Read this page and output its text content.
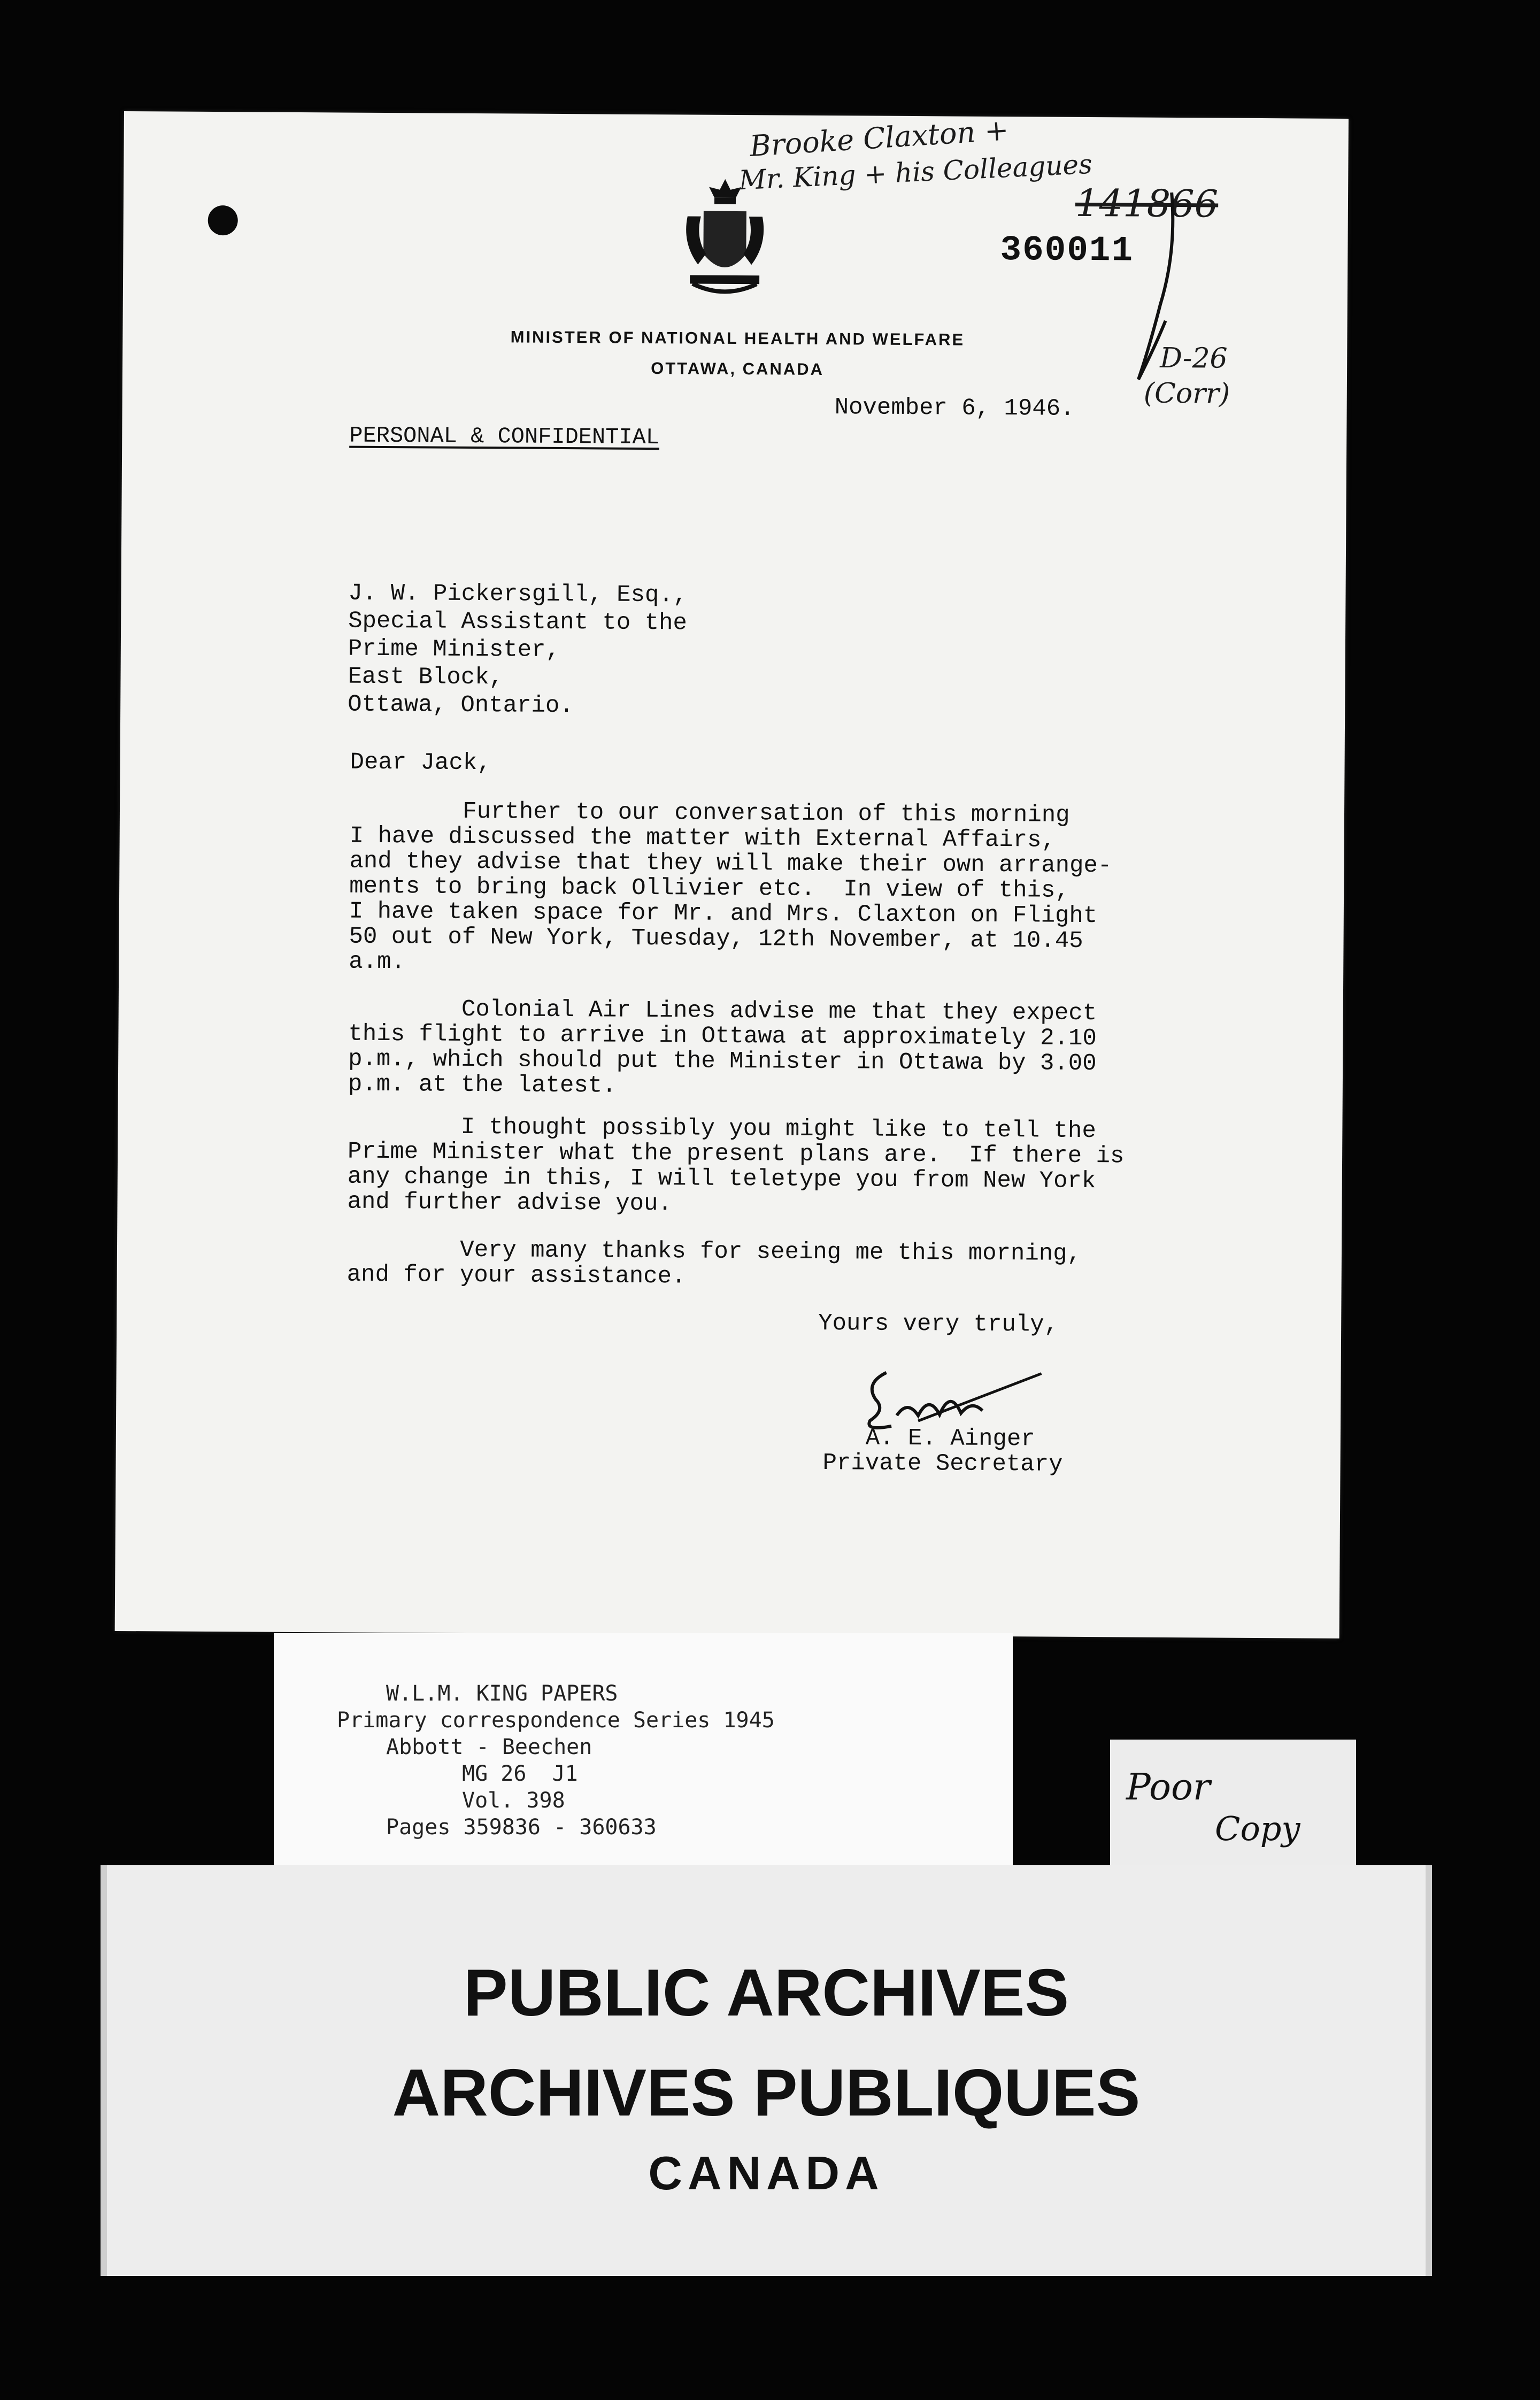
MINISTER OF NATIONAL HEALTH AND WELFARE
OTTAWA, CANADA
Brooke Claxton +
Mr. King + his Colleagues
141866
360011
D-26
(Corr)
November 6, 1946.
PERSONAL & CONFIDENTIAL
J. W. Pickersgill, Esq.,
Special Assistant to the
Prime Minister,
East Block,
Ottawa, Ontario.
Dear Jack,
Further to our conversation of this morning
I have discussed the matter with External Affairs,
and they advise that they will make their own arrange-
ments to bring back Ollivier etc.  In view of this,
I have taken space for Mr. and Mrs. Claxton on Flight
50 out of New York, Tuesday, 12th November, at 10.45
a.m.
Colonial Air Lines advise me that they expect
this flight to arrive in Ottawa at approximately 2.10
p.m., which should put the Minister in Ottawa by 3.00
p.m. at the latest.
I thought possibly you might like to tell the
Prime Minister what the present plans are.  If there is
any change in this, I will teletype you from New York
and further advise you.
Very many thanks for seeing me this morning,
and for your assistance.
Yours very truly,
A. E. Ainger
Private Secretary
W.L.M. KING PAPERS
Primary correspondence Series 1945
Abbott - Beechen
MG 26  J1
Vol. 398
Pages 359836 - 360633
Poor
Copy
PUBLIC ARCHIVES
ARCHIVES PUBLIQUES
CANADA
